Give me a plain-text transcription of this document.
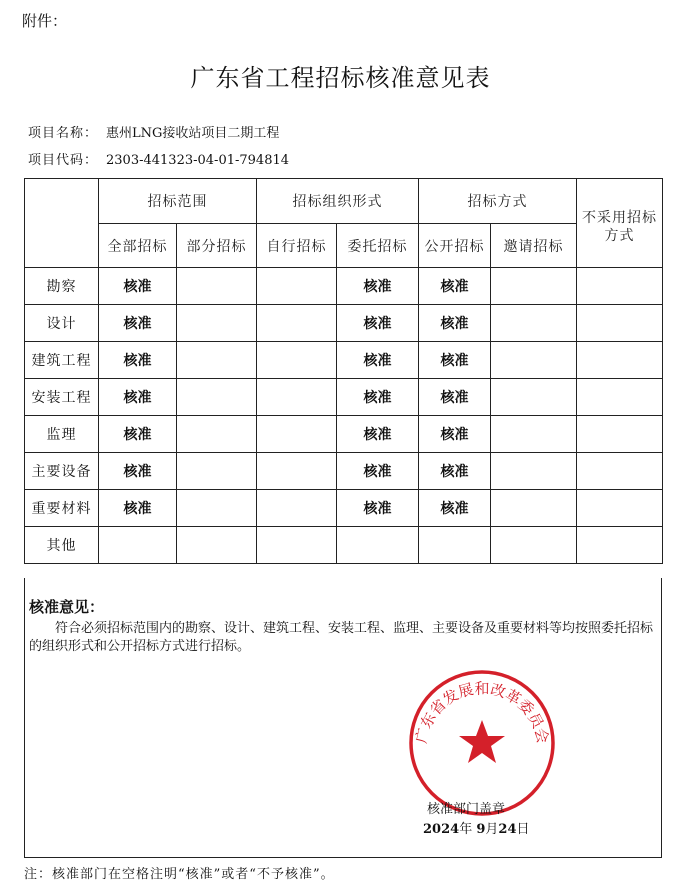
附件：
广东省工程招标核准意见表
项目名称： 惠州LNG接收站项目二期工程
项目代码： 2303-441323-04-01-794814
	招标范围		招标组织形式		招标方式		不采用招标方式
	全部招标	部分招标	自行招标	委托招标	公开招标	邀请招标	
勘察	核准			核准	核准		
设计	核准			核准	核准		
建筑工程	核准			核准	核准		
安装工程	核准			核准	核准		
监理	核准			核准	核准		
主要设备	核准			核准	核准		
重要材料	核准			核准	核准		
其他							
核准意见：
符合必须招标范围内的勘察、设计、建筑工程、安装工程、监理、主要设备及重要材料等均按照委托招标的组织形式和公开招标方式进行招标。
广东省发展和改革委员会
核准部门盖章
2024年 9月24日
注：核准部门在空格注明“核准”或者“不予核准”。
